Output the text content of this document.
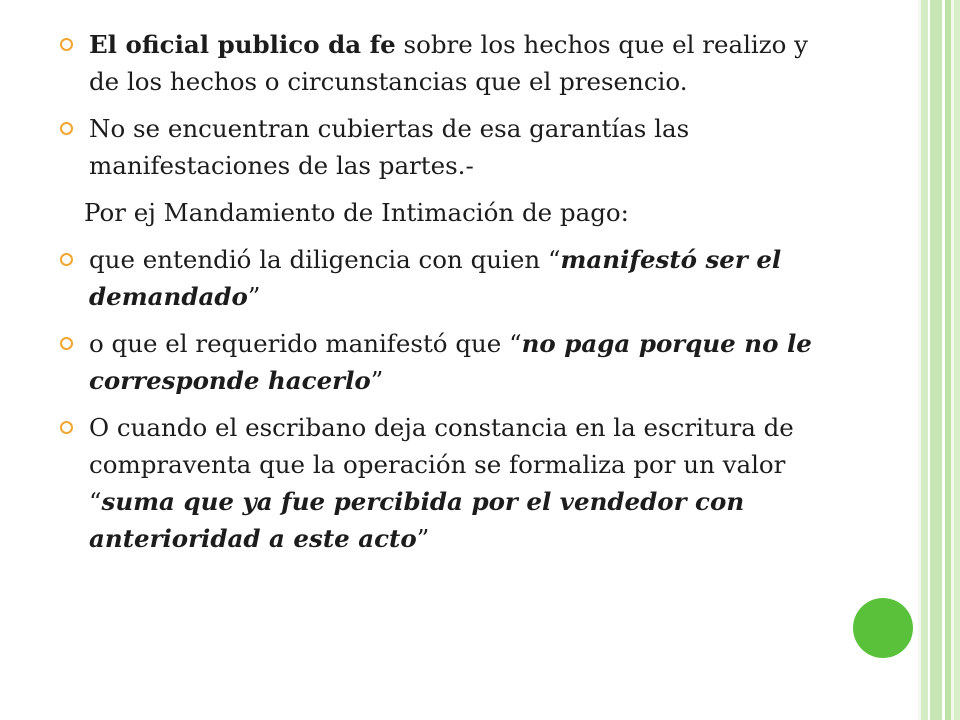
El oficial publico da fe sobre los hechos que el realizo y de los hechos o circunstancias que el presencio.
No se encuentran cubiertas de esa garantías las manifestaciones de las partes.-
Por ej Mandamiento de Intimación de pago:
que entendió la diligencia con quien “manifestó ser el demandado”
o que el requerido manifestó que “no paga porque no le corresponde hacerlo”
O cuando el escribano deja constancia en la escritura de compraventa que la operación se formaliza por un valor “suma que ya fue percibida por el vendedor con anterioridad a este acto”
